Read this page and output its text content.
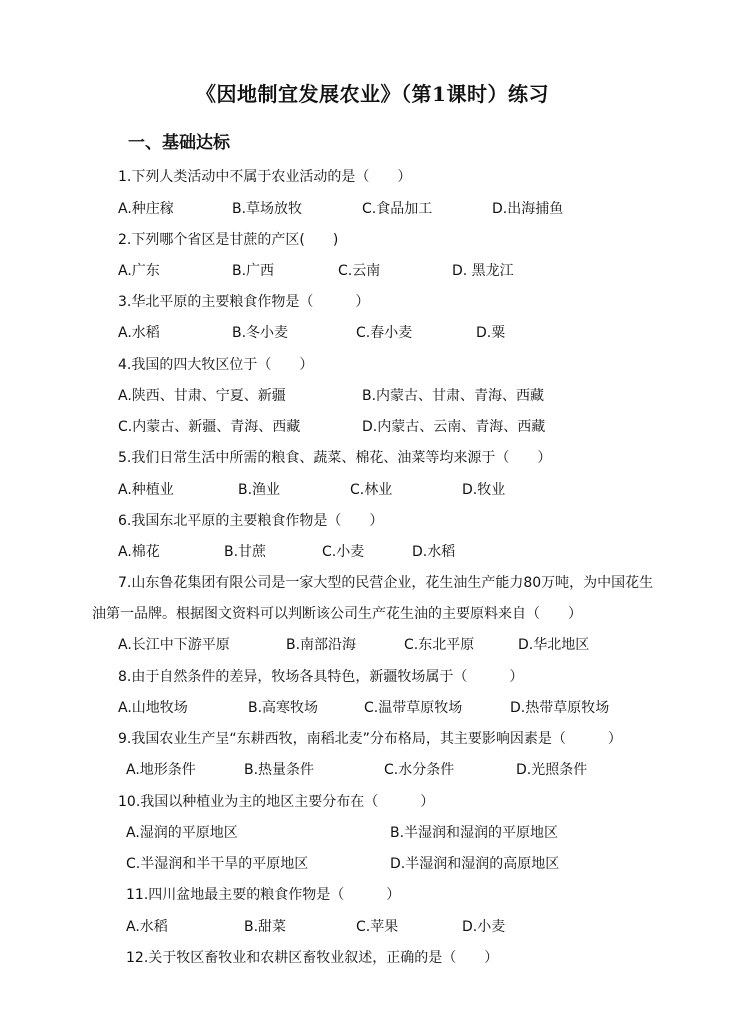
《因地制宜发展农业》（第1课时）练习
一、基础达标
1.下列人类活动中不属于农业活动的是（　　）
A.种庄稼	B.草场放牧	C.食品加工	D.出海捕鱼
2.下列哪个省区是甘蔗的产区(　　)
A.广东	B.广西	C.云南	D. 黑龙江
3.华北平原的主要粮食作物是（　　　）
A.水稻	B.冬小麦	C.春小麦	D.粟
4.我国的四大牧区位于（　　）
A.陕西、甘肃、宁夏、新疆	B.内蒙古、甘肃、青海、西藏
C.内蒙古、新疆、青海、西藏	D.内蒙古、云南、青海、西藏
5.我们日常生活中所需的粮食、蔬菜、棉花、油菜等均来源于（　　）
A.种植业	B.渔业	C.林业	D.牧业
6.我国东北平原的主要粮食作物是（　　）
A.棉花	B.甘蔗	C.小麦	D.水稻
7.山东鲁花集团有限公司是一家大型的民营企业，花生油生产能力80万吨，为中国花生
油第一品牌。根据图文资料可以判断该公司生产花生油的主要原料来自（　　）
A.长江中下游平原	B.南部沿海	C.东北平原	D.华北地区
8.由于自然条件的差异，牧场各具特色，新疆牧场属于（　　　）
A.山地牧场	B.高寒牧场	C.温带草原牧场	D.热带草原牧场
9.我国农业生产呈“东耕西牧，南稻北麦”分布格局，其主要影响因素是（　　　）
A.地形条件	B.热量条件	C.水分条件	D.光照条件
10.我国以种植业为主的地区主要分布在（　　　）
A.湿润的平原地区	B.半湿润和湿润的平原地区
C.半湿润和半干旱的平原地区	D.半湿润和湿润的高原地区
11.四川盆地最主要的粮食作物是（　　　）
A.水稻	B.甜菜	C.苹果	D.小麦
12.关于牧区畜牧业和农耕区畜牧业叙述，正确的是（　　）
